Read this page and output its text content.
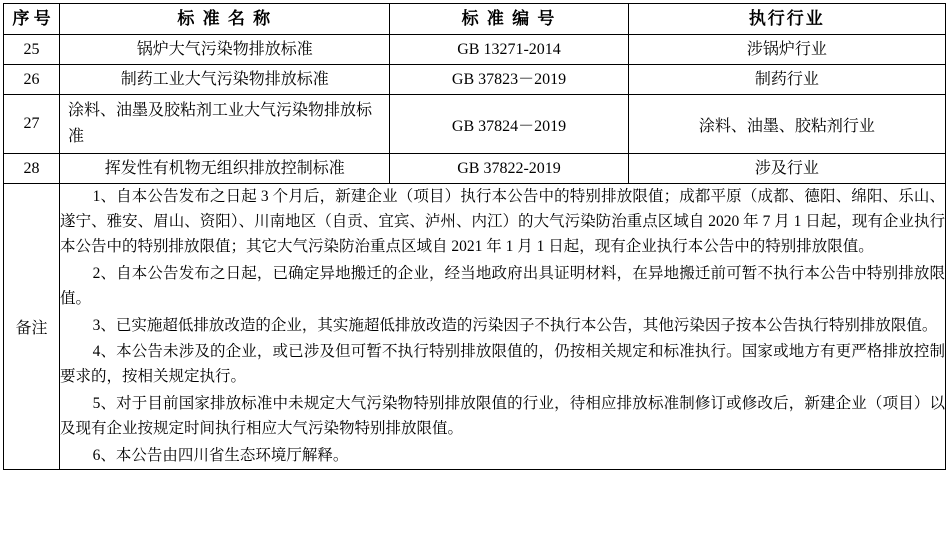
序 号	标 准 名 称	标 准 编 号	执行行业
25	锅炉大气污染物排放标准	GB 13271-2014	涉锅炉行业
26	制药工业大气污染物排放标准	GB 37823－2019	制药行业
27	涂料、油墨及胶粘剂工业大气污染物排放标准	GB 37824－2019	涂料、油墨、胶粘剂行业
28	挥发性有机物无组织排放控制标准	GB 37822-2019	涉及行业
备注	

1、自本公告发布之日起 3 个月后，新建企业（项目）执行本公告中的特别排放限值；成都平原（成都、德阳、绵阳、乐山、遂宁、雅安、眉山、资阳）、川南地区（自贡、宜宾、泸州、内江）的大气污染防治重点区域自 2020 年 7 月 1 日起，现有企业执行本公告中的特别排放限值；其它大气污染防治重点区域自 2021 年 1 月 1 日起，现有企业执行本公告中的特别排放限值。

2、自本公告发布之日起，已确定异地搬迁的企业，经当地政府出具证明材料，在异地搬迁前可暂不执行本公告中特别排放限值。

3、已实施超低排放改造的企业，其实施超低排放改造的污染因子不执行本公告，其他污染因子按本公告执行特别排放限值。

4、本公告未涉及的企业，或已涉及但可暂不执行特别排放限值的，仍按相关规定和标准执行。国家或地方有更严格排放控制要求的，按相关规定执行。

5、对于目前国家排放标准中未规定大气污染物特别排放限值的行业，待相应排放标准制修订或修改后，新建企业（项目）以及现有企业按规定时间执行相应大气污染物特别排放限值。

6、本公告由四川省生态环境厅解释。
